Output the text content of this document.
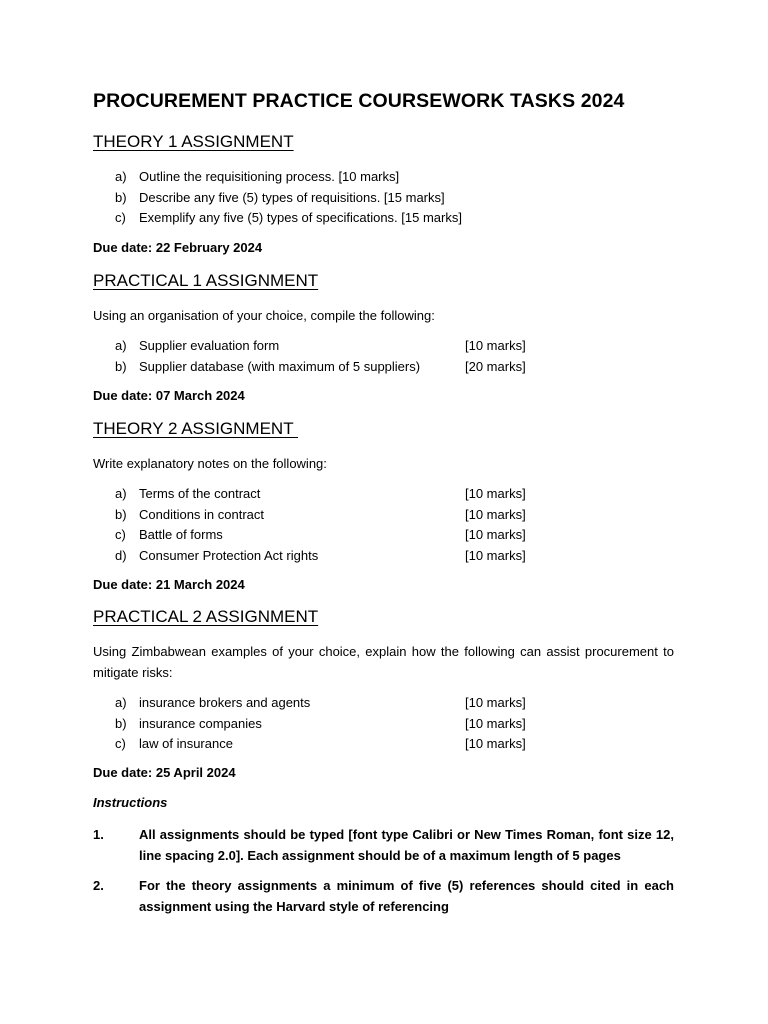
PROCUREMENT PRACTICE COURSEWORK TASKS 2024
THEORY 1 ASSIGNMENT
a) Outline the requisitioning process. [10 marks]
b) Describe any five (5) types of requisitions. [15 marks]
c) Exemplify any five (5) types of specifications. [15 marks]
Due date: 22 February 2024
PRACTICAL 1 ASSIGNMENT
Using an organisation of your choice, compile the following:
a) Supplier evaluation form	[10 marks]
b) Supplier database (with maximum of 5 suppliers)	[20 marks]
Due date: 07 March 2024
THEORY 2 ASSIGNMENT
Write explanatory notes on the following:
a) Terms of the contract	[10 marks]
b) Conditions in contract	[10 marks]
c) Battle of forms	[10 marks]
d) Consumer Protection Act rights	[10 marks]
Due date: 21 March 2024
PRACTICAL 2 ASSIGNMENT
Using Zimbabwean examples of your choice, explain how the following can assist procurement to mitigate risks:
a) insurance brokers and agents	[10 marks]
b) insurance companies	[10 marks]
c) law of insurance	[10 marks]
Due date: 25 April 2024
Instructions
1.	All assignments should be typed [font type Calibri or New Times Roman, font size 12, line spacing 2.0]. Each assignment should be of a maximum length of 5 pages
2.	For the theory assignments a minimum of five (5) references should cited in each assignment using the Harvard style of referencing
